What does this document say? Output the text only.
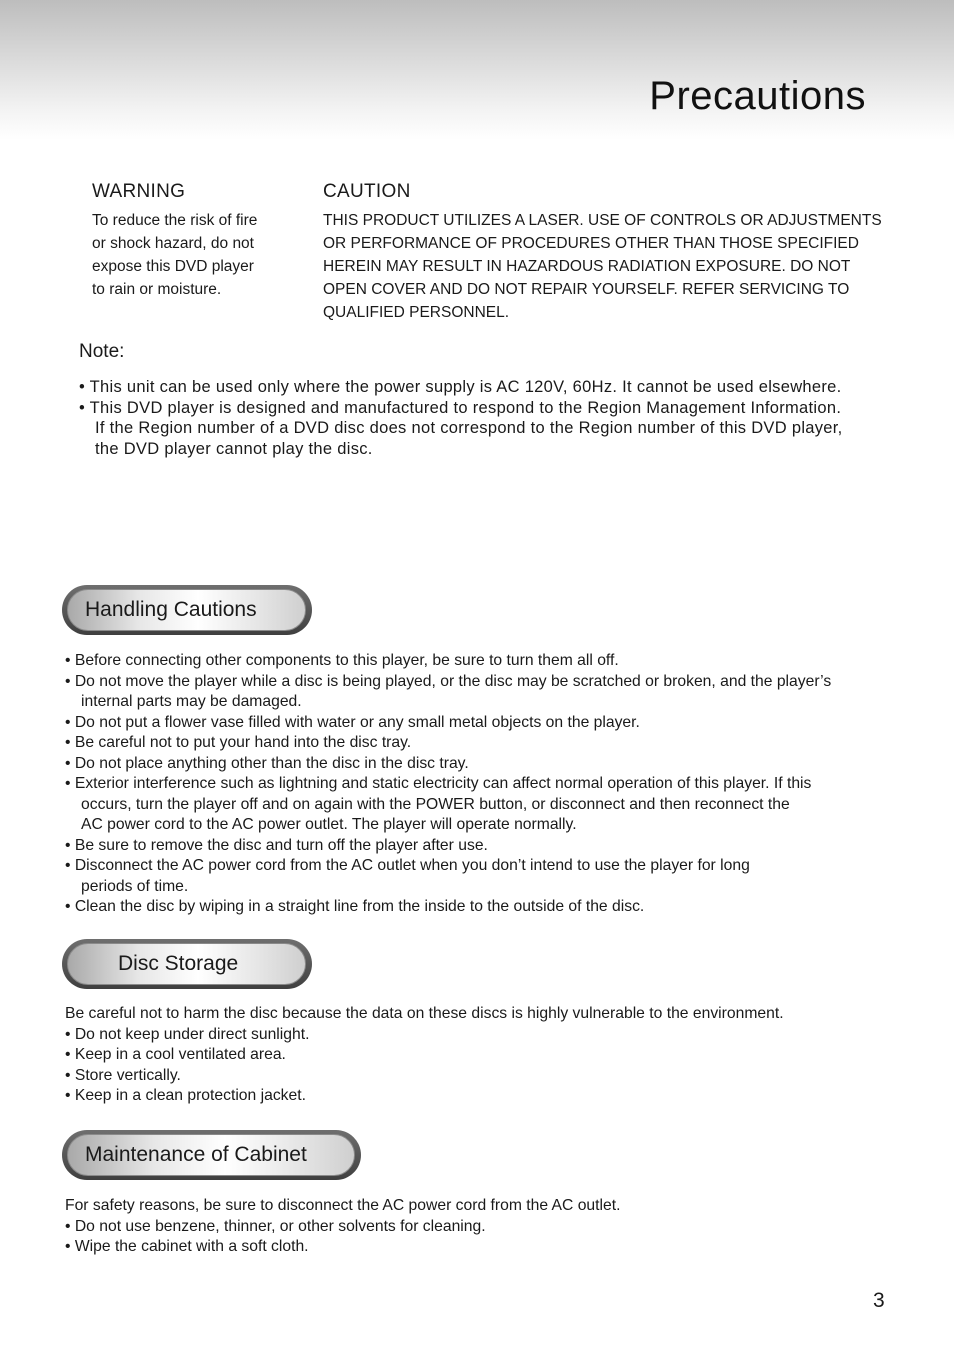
Precautions
WARNING
To reduce the risk of fire
or shock hazard, do not
expose this DVD player
to rain or moisture.
CAUTION
THIS PRODUCT UTILIZES A LASER. USE OF CONTROLS OR ADJUSTMENTS
OR PERFORMANCE OF PROCEDURES OTHER THAN THOSE SPECIFIED
HEREIN MAY RESULT IN HAZARDOUS RADIATION EXPOSURE. DO NOT
OPEN COVER AND DO NOT REPAIR YOURSELF. REFER SERVICING TO
QUALIFIED PERSONNEL.
Note:
• This unit can be used only where the power supply is AC 120V, 60Hz. It cannot be used elsewhere.
• This DVD player is designed and manufactured to respond to the Region Management Information.
If the Region number of a DVD disc does not correspond to the Region number of this DVD player,
the DVD player cannot play the disc.
Handling Cautions
• Before connecting other components to this player, be sure to turn them all off.
• Do not move the player while a disc is being played, or the disc may be scratched or broken, and the player’s
internal parts may be damaged.
• Do not put a flower vase filled with water or any small metal objects on the player.
• Be careful not to put your hand into the disc tray.
• Do not place anything other than the disc in the disc tray.
• Exterior interference such as lightning and static electricity can affect normal operation of this player. If this
occurs, turn the player off and on again with the POWER button, or disconnect and then reconnect the
AC power cord to the AC power outlet. The player will operate normally.
• Be sure to remove the disc and turn off the player after use.
• Disconnect the AC power cord from the AC outlet when you don’t intend to use the player for long
periods of time.
• Clean the disc by wiping in a straight line from the inside to the outside of the disc.
Disc Storage
Be careful not to harm the disc because the data on these discs is highly vulnerable to the environment.
• Do not keep under direct sunlight.
• Keep in a cool ventilated area.
• Store vertically.
• Keep in a clean protection jacket.
Maintenance of Cabinet
For safety reasons, be sure to disconnect the AC power cord from the AC outlet.
• Do not use benzene, thinner, or other solvents for cleaning.
• Wipe the cabinet with a soft cloth.
3
